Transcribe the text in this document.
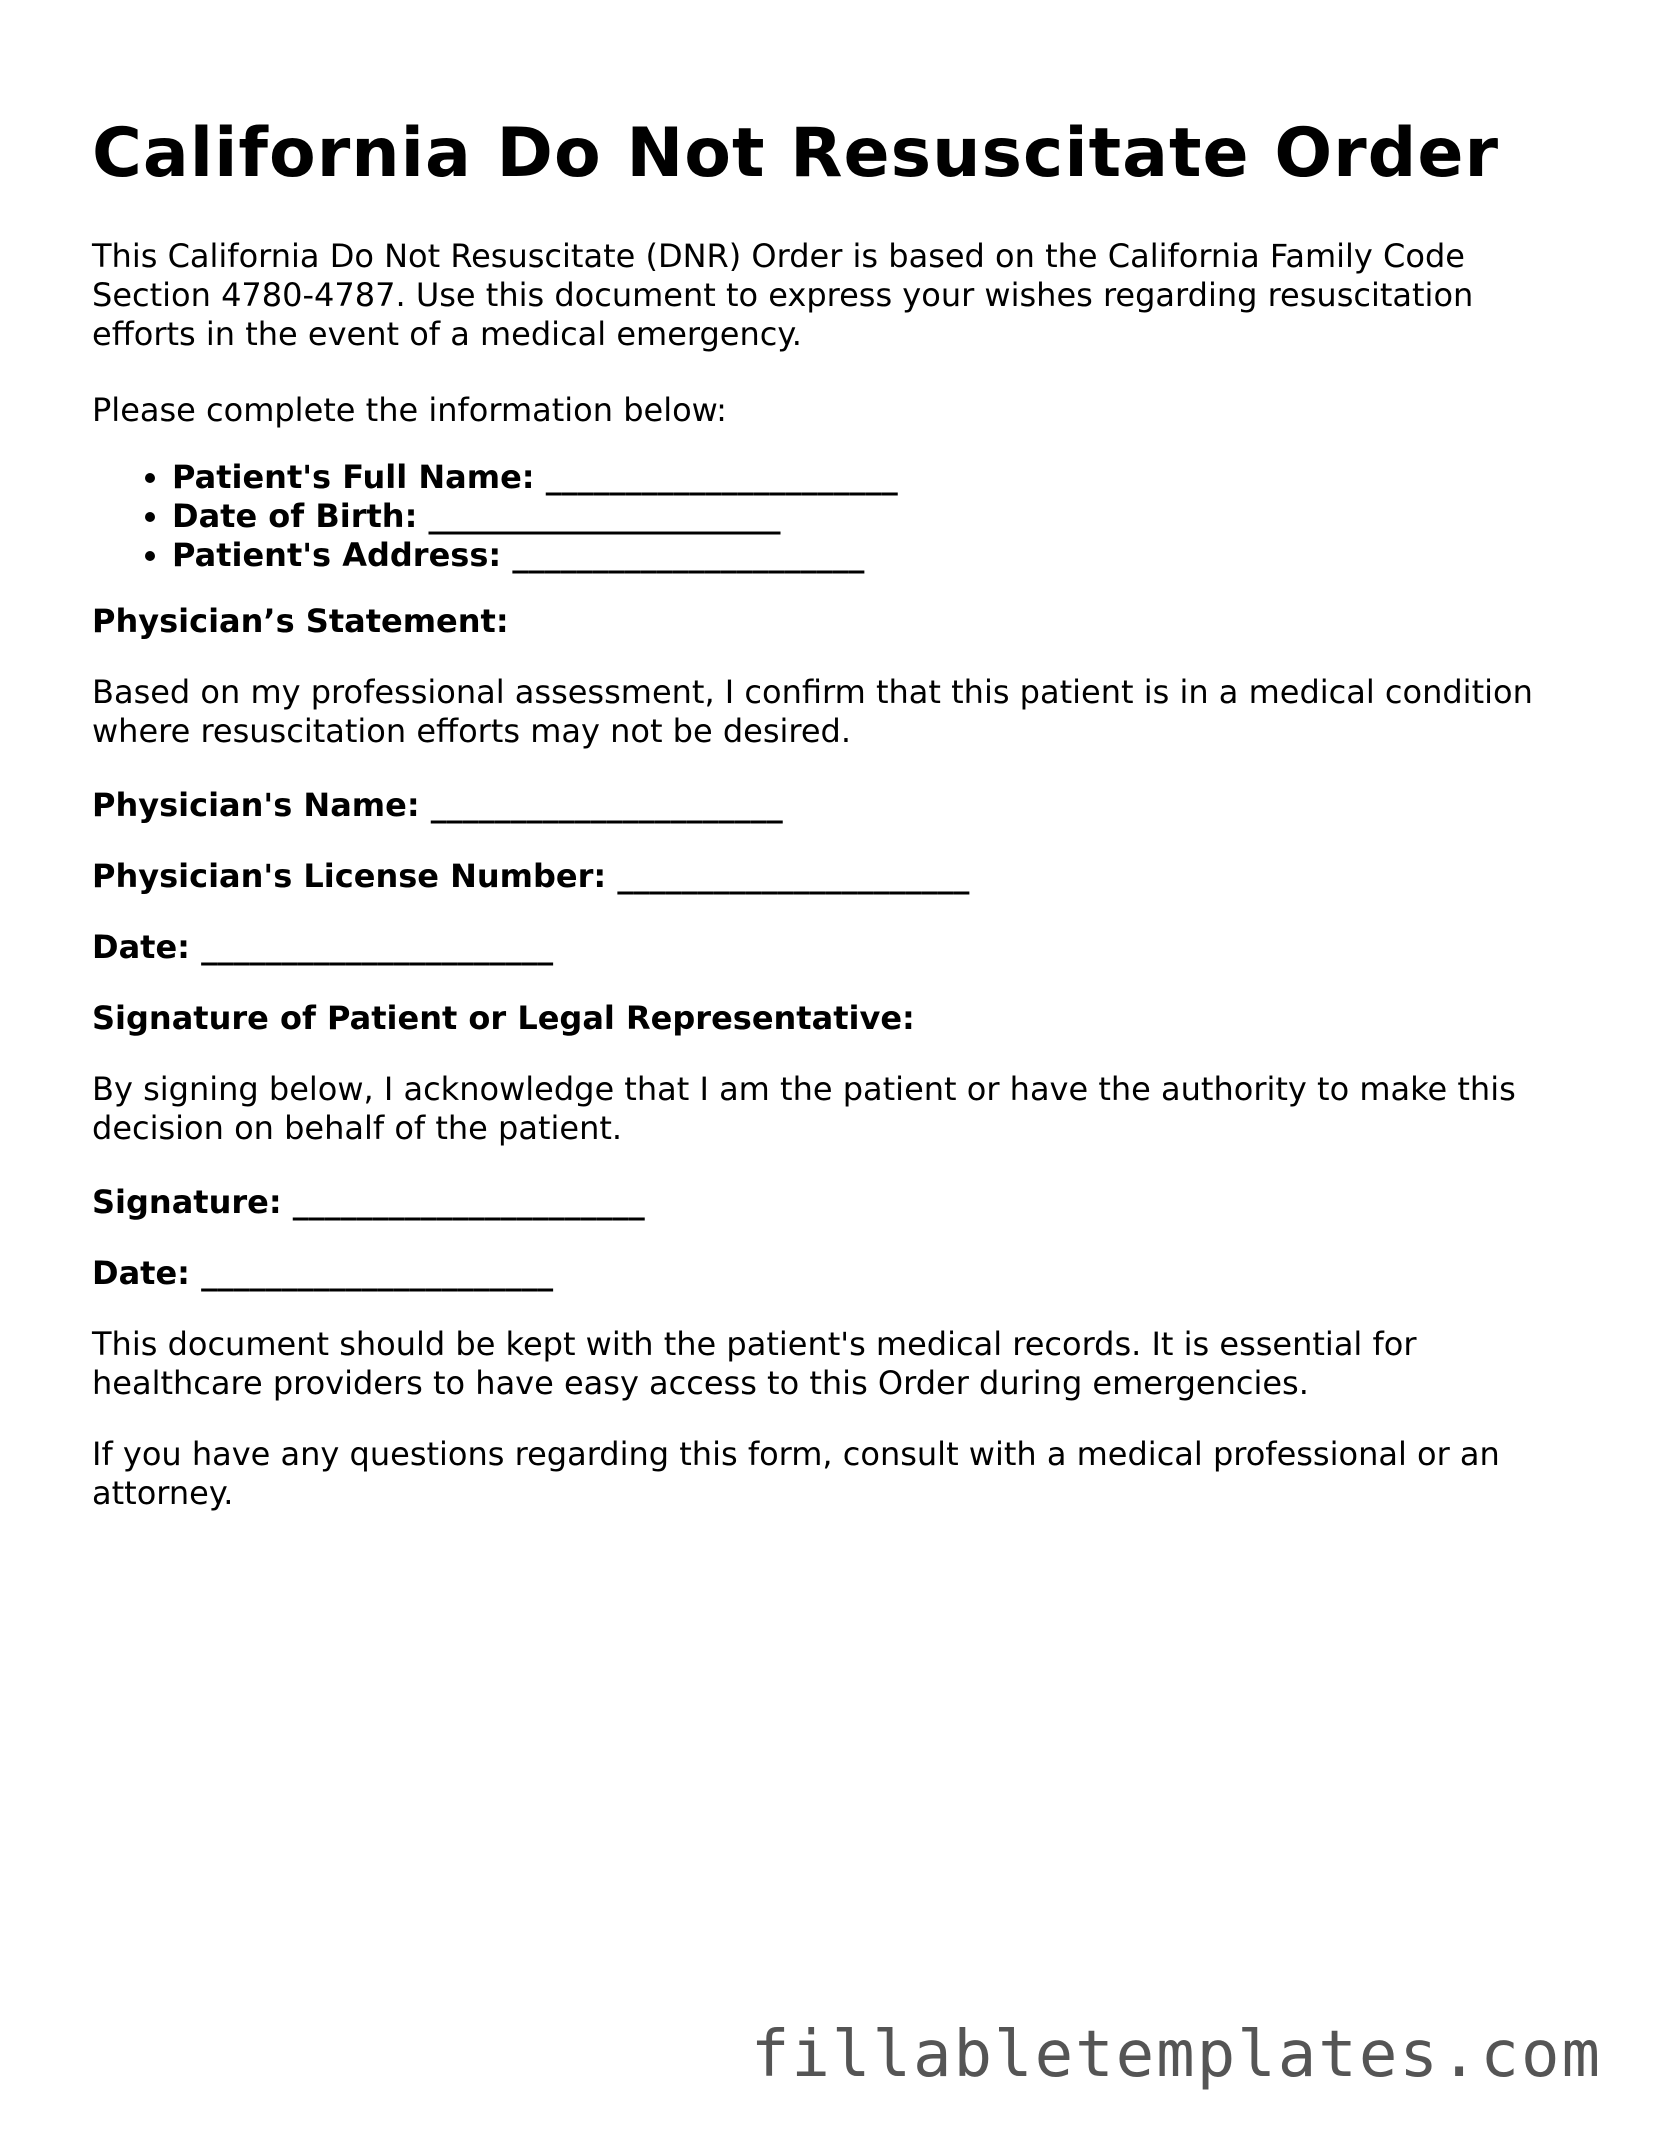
California Do Not Resuscitate Order

This California Do Not Resuscitate (DNR) Order is based on the California Family Code Section 4780-4787. Use this document to express your wishes regarding resuscitation efforts in the event of a medical emergency.

Please complete the information below:

• Patient's Full Name: ______________________
• Date of Birth: ______________________
• Patient's Address: ______________________

Physician’s Statement:

Based on my professional assessment, I confirm that this patient is in a medical condition where resuscitation efforts may not be desired.

Physician's Name: ______________________

Physician's License Number: ______________________

Date: ______________________

Signature of Patient or Legal Representative:

By signing below, I acknowledge that I am the patient or have the authority to make this decision on behalf of the patient.

Signature: ______________________

Date: ______________________

This document should be kept with the patient's medical records. It is essential for healthcare providers to have easy access to this Order during emergencies.

If you have any questions regarding this form, consult with a medical professional or an attorney.

fillabletemplates.com
